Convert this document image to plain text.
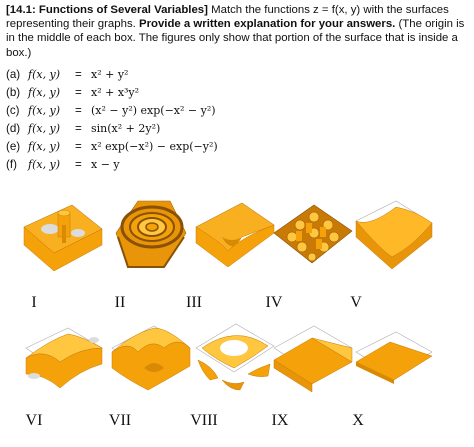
[14.1: Functions of Several Variables] Match the functions z = f(x, y) with the surfaces representing their graphs. Provide a written explanation for your answers. (The origin is in the middle of each box. The figures only show that portion of the surface that is inside a box.)
(a) f(x, y) = x² + y²
(b) f(x, y) = x² + x³y²
(c) f(x, y) = (x² − y²) exp(−x² − y²)
(d) f(x, y) = sin(x² + 2y²)
(e) f(x, y) = x² exp(−x²) − exp(−y²)
(f) f(x, y) = x − y
I	II	III	IV	V
VI	VII	VIII	IX	X
